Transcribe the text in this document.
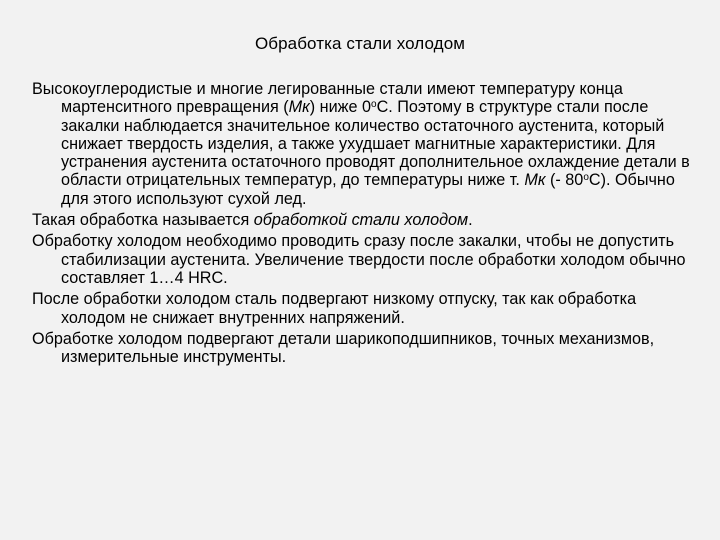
Обработка стали холодом

Высокоуглеродистые и многие легированные стали имеют температуру конца мартенситного превращения (Мк) ниже $0^оС$. Поэтому в структуре стали после закалки наблюдается значительное количество остаточного аустенита, который снижает твердость изделия, а также ухудшает магнитные характеристики. Для устранения аустенита остаточного проводят дополнительное охлаждение детали в области отрицательных температур, до температуры ниже т. Мк (- $80^оС$). Обычно для этого используют сухой лед.

Такая обработка называется обработкой стали холодом.

Обработку холодом необходимо проводить сразу после закалки, чтобы не допустить стабилизации аустенита. Увеличение твердости после обработки холодом обычно составляет 1…4 HRC.

После обработки холодом сталь подвергают низкому отпуску, так как обработка холодом не снижает внутренних напряжений.

Обработке холодом подвергают детали шарикоподшипников, точных механизмов, измерительные инструменты.
